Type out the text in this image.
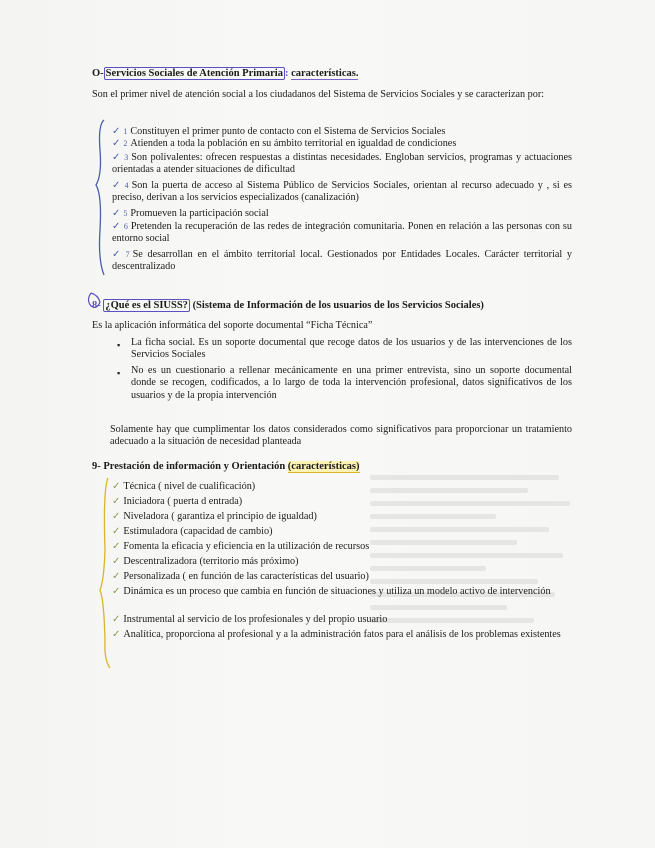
O- Servicios Sociales de Atención Primaria : características.
Son el primer nivel de atención social a los ciudadanos del Sistema de Servicios Sociales y se caracterizan por:
✓ 1 Constituyen el primer punto de contacto con el Sistema de Servicios Sociales
✓ 2 Atienden a toda la población en su ámbito territorial en igualdad de condiciones
✓ 3 Son polivalentes: ofrecen respuestas a distintas necesidades. Engloban servicios, programas y actuaciones orientadas a atender situaciones de dificultad
✓ 4 Son la puerta de acceso al Sistema Público de Servicios Sociales, orientan al recurso adecuado y , si es preciso, derivan a los servicios especializados (canalización)
✓ 5 Promueven la participación social
✓ 6 Pretenden la recuperación de las redes de integración comunitaria. Ponen en relación a las personas con su entorno social
✓ 7 Se desarrollan en el ámbito territorial local. Gestionados por Entidades Locales. Carácter territorial y descentralizado
8- ¿Qué es el SIUSS? (Sistema de Información de los usuarios de los Servicios Sociales)
Es la aplicación informática del soporte documental “Ficha Técnica”
▪ La ficha social. Es un soporte documental que recoge datos de los usuarios y de las intervenciones de los Servicios Sociales
▪ No es un cuestionario a rellenar mecánicamente en una primer entrevista, sino un soporte documental donde se recogen, codificados, a lo largo de toda la intervención profesional, datos significativos de los usuarios y de la propia intervención
Solamente hay que cumplimentar los datos considerados como significativos para proporcionar un tratamiento adecuado a la situación de necesidad planteada
9- Prestación de información y Orientación (características)
✓ Técnica ( nivel de cualificación)
✓ Iniciadora ( puerta d entrada)
✓ Niveladora ( garantiza el principio de igualdad)
✓ Estimuladora (capacidad de cambio)
✓ Fomenta la eficacia y eficiencia en la utilización de recursos
✓ Descentralizadora (territorio más próximo)
✓ Personalizada ( en función de las características del usuario)
✓ Dinámica es un proceso que cambia en función de situaciones y utiliza un modelo activo de intervención
✓ Instrumental al servicio de los profesionales y del propio usuario
✓ Analítica, proporciona al profesional y a la administración fatos para el análisis de los problemas existentes
